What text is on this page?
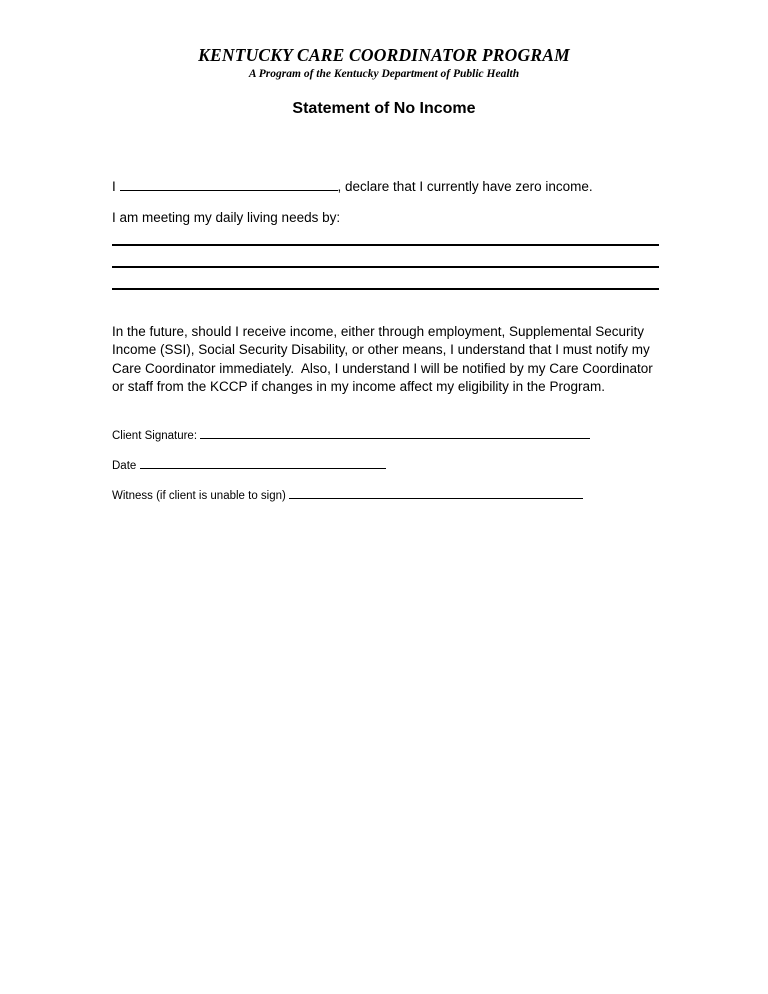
KENTUCKY CARE COORDINATOR PROGRAM
A Program of the Kentucky Department of Public Health
Statement of No Income

I	, declare that I currently have zero income.

I am meeting my daily living needs by:

In the future, should I receive income, either through employment, Supplemental Security Income (SSI), Social Security Disability, or other means, I understand that I must notify my Care Coordinator immediately.  Also, I understand I will be notified by my Care Coordinator or staff from the KCCP if changes in my income affect my eligibility in the Program.

Client Signature:
Date
Witness (if client is unable to sign)
